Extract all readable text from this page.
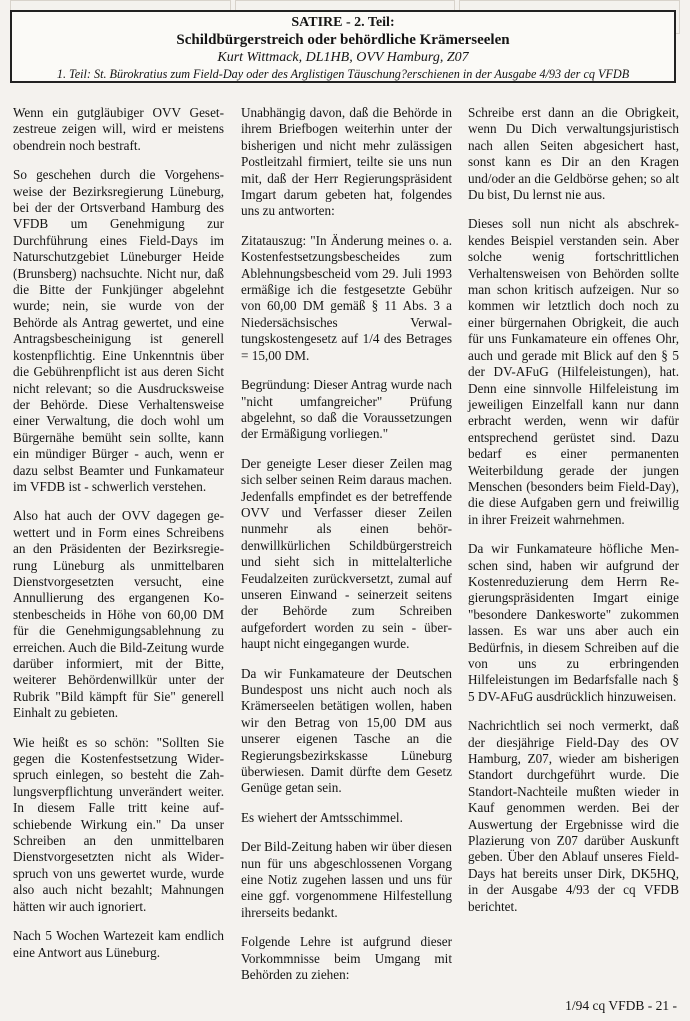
SATIRE - 2. Teil:
Schildbürgerstreich oder behördliche Krämerseelen
Kurt Wittmack, DL1HB, OVV Hamburg, Z07
1. Teil: St. Bürokratius zum Field-Day oder des Arglistigen Täuschung?erschienen in der Ausgabe 4/93 der cq VFDB

Wenn ein gutgläubiger OVV Gesetzestreue zeigen will, wird er meistens obendrein noch bestraft.

So geschehen durch die Vorgehensweise der Bezirksregierung Lüneburg, bei der der Ortsverband Hamburg des VFDB um Genehmigung zur Durchführung eines Field-Days im Naturschutzgebiet Lüneburger Heide (Brunsberg) nachsuchte. Nicht nur, daß die Bitte der Funkjünger abgelehnt wurde; nein, sie wurde von der Behörde als Antrag gewertet, und eine Antragsbescheinigung ist generell kostenpflichtig. Eine Unkenntnis über die Gebührenpflicht ist aus deren Sicht nicht relevant; so die Ausdrucksweise der Behörde. Diese Verhaltensweise einer Verwaltung, die doch wohl um Bürgernähe bemüht sein sollte, kann ein mündiger Bürger - auch, wenn er dazu selbst Beamter und Funkamateur im VFDB ist - schwerlich verstehen.

Also hat auch der OVV dagegen gewettert und in Form eines Schreibens an den Präsidenten der Bezirksregierung Lüneburg als unmittelbaren Dienstvorgesetzten versucht, eine Annullierung des ergangenen Kostenbescheids in Höhe von 60,00 DM für die Genehmigungsablehnung zu erreichen. Auch die Bild-Zeitung wurde darüber informiert, mit der Bitte, weiterer Behördenwillkür unter der Rubrik "Bild kämpft für Sie" generell Einhalt zu gebieten.

Wie heißt es so schön: "Sollten Sie gegen die Kostenfestsetzung Widerspruch einlegen, so besteht die Zahlungsverpflichtung unverändert weiter. In diesem Falle tritt keine aufschiebende Wirkung ein." Da unser Schreiben an den unmittelbaren Dienstvorgesetzten nicht als Widerspruch von uns gewertet wurde, wurde also auch nicht bezahlt; Mahnungen hätten wir auch ignoriert.

Nach 5 Wochen Wartezeit kam endlich eine Antwort aus Lüneburg.

Unabhängig davon, daß die Behörde in ihrem Briefbogen weiterhin unter der bisherigen und nicht mehr zulässigen Postleitzahl firmiert, teilte sie uns nun mit, daß der Herr Regierungspräsident Imgart darum gebeten hat, folgendes uns zu antworten:

Zitatauszug: "In Änderung meines o. a. Kostenfestsetzungsbescheides zum Ablehnungsbescheid vom 29. Juli 1993 ermäßige ich die festgesetzte Gebühr von 60,00 DM gemäß § 11 Abs. 3 a Niedersächsisches Verwaltungskostengesetz auf 1/4 des Betrages = 15,00 DM.

Begründung: Dieser Antrag wurde nach "nicht umfangreicher" Prüfung abgelehnt, so daß die Voraussetzungen der Ermäßigung vorliegen."

Der geneigte Leser dieser Zeilen mag sich selber seinen Reim daraus machen. Jedenfalls empfindet es der betreffende OVV und Verfasser dieser Zeilen nunmehr als einen behördenwillkürlichen Schildbürgerstreich und sieht sich in mittelalterliche Feudalzeiten zurückversetzt, zumal auf unseren Einwand - seinerzeit seitens der Behörde zum Schreiben aufgefordert worden zu sein - überhaupt nicht eingegangen wurde.

Da wir Funkamateure der Deutschen Bundespost uns nicht auch noch als Krämerseelen betätigen wollen, haben wir den Betrag von 15,00 DM aus unserer eigenen Tasche an die Regierungsbezirkskasse Lüneburg überwiesen. Damit dürfte dem Gesetz Genüge getan sein.

Es wiehert der Amtsschimmel.

Der Bild-Zeitung haben wir über diesen nun für uns abgeschlossenen Vorgang eine Notiz zugehen lassen und uns für eine ggf. vorgenommene Hilfestellung ihrerseits bedankt.

Folgende Lehre ist aufgrund dieser Vorkommnisse beim Umgang mit Behörden zu ziehen:

Schreibe erst dann an die Obrigkeit, wenn Du Dich verwaltungsjuristisch nach allen Seiten abgesichert hast, sonst kann es Dir an den Kragen und/oder an die Geldbörse gehen; so alt Du bist, Du lernst nie aus.

Dieses soll nun nicht als abschrekkendes Beispiel verstanden sein. Aber solche wenig fortschrittlichen Verhaltensweisen von Behörden sollte man schon kritisch aufzeigen. Nur so kommen wir letztlich doch noch zu einer bürgernahen Obrigkeit, die auch für uns Funkamateure ein offenes Ohr, auch und gerade mit Blick auf den § 5 der DV-AFuG (Hilfeleistungen), hat. Denn eine sinnvolle Hilfeleistung im jeweiligen Einzelfall kann nur dann erbracht werden, wenn wir dafür entsprechend gerüstet sind. Dazu bedarf es einer permanenten Weiterbildung gerade der jungen Menschen (besonders beim Field-Day), die diese Aufgaben gern und freiwillig in ihrer Freizeit wahrnehmen.

Da wir Funkamateure höfliche Menschen sind, haben wir aufgrund der Kostenreduzierung dem Herrn Regierungspräsidenten Imgart einige "besondere Dankesworte" zukommen lassen. Es war uns aber auch ein Bedürfnis, in diesem Schreiben auf die von uns zu erbringenden Hilfeleistungen im Bedarfsfalle nach § 5 DV-AFuG ausdrücklich hinzuweisen.

Nachrichtlich sei noch vermerkt, daß der diesjährige Field-Day des OV Hamburg, Z07, wieder am bisherigen Standort durchgeführt wurde. Die Standort-Nachteile mußten wieder in Kauf genommen werden. Bei der Auswertung der Ergebnisse wird die Plazierung von Z07 darüber Auskunft geben. Über den Ablauf unseres Field-Days hat bereits unser Dirk, DK5HQ, in der Ausgabe 4/93 der cq VFDB berichtet.

1/94 cq VFDB - 21 -
